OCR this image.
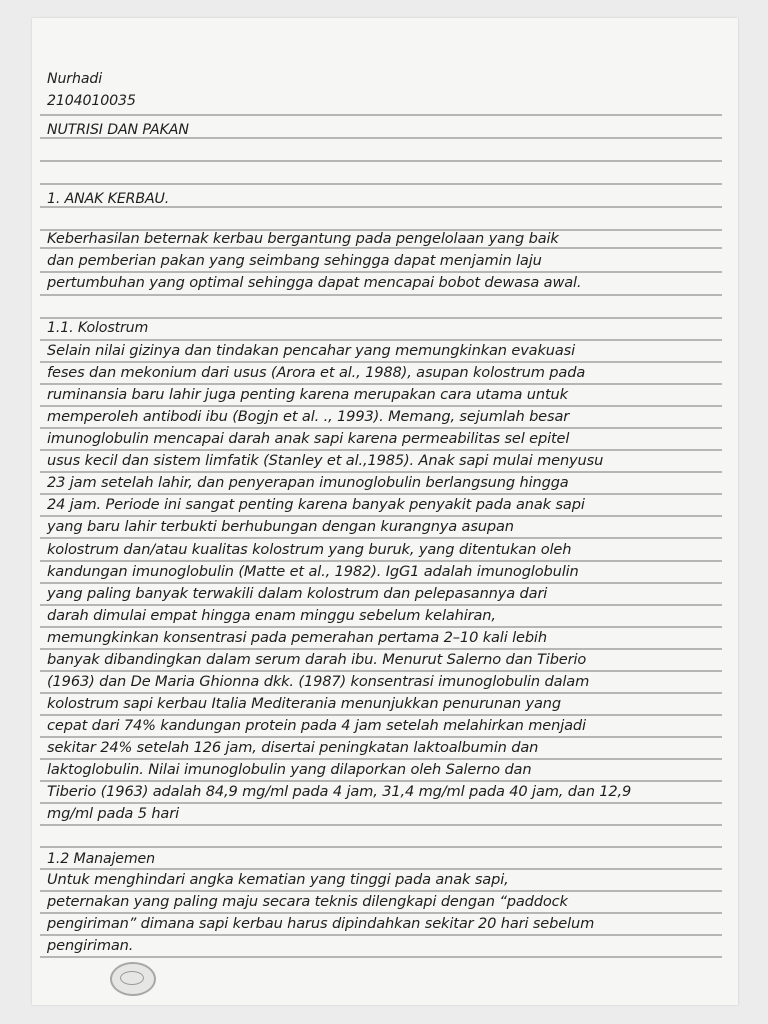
Nurhadi

2104010035

NUTRISI DAN PAKAN

1. ANAK KERBAU.

Keberhasilan beternak kerbau bergantung pada pengelolaan yang baik

dan pemberian pakan yang seimbang sehingga dapat menjamin laju

pertumbuhan yang optimal sehingga dapat mencapai bobot dewasa awal.

1.1. Kolostrum

Selain nilai gizinya dan tindakan pencahar yang memungkinkan evakuasi

feses dan mekonium dari usus (Arora et al., 1988), asupan kolostrum pada

ruminansia baru lahir juga penting karena merupakan cara utama untuk

memperoleh antibodi ibu (Bogjn et al. ., 1993). Memang, sejumlah besar

imunoglobulin mencapai darah anak sapi karena permeabilitas sel epitel

usus kecil dan sistem limfatik (Stanley et al.,1985). Anak sapi mulai menyusu

23 jam setelah lahir, dan penyerapan imunoglobulin berlangsung hingga

24 jam. Periode ini sangat penting karena banyak penyakit pada anak sapi

yang baru lahir terbukti berhubungan dengan kurangnya asupan

kolostrum dan/atau kualitas kolostrum yang buruk, yang ditentukan oleh

kandungan imunoglobulin (Matte et al., 1982). IgG1 adalah imunoglobulin

yang paling banyak terwakili dalam kolostrum dan pelepasannya dari

darah dimulai empat hingga enam minggu sebelum kelahiran,

memungkinkan konsentrasi pada pemerahan pertama 2–10 kali lebih

banyak dibandingkan dalam serum darah ibu. Menurut Salerno dan Tiberio

(1963) dan De Maria Ghionna dkk. (1987) konsentrasi imunoglobulin dalam

kolostrum sapi kerbau Italia Mediterania menunjukkan penurunan yang

cepat dari 74% kandungan protein pada 4 jam setelah melahirkan menjadi

sekitar 24% setelah 126 jam, disertai peningkatan laktoalbumin dan

laktoglobulin. Nilai imunoglobulin yang dilaporkan oleh Salerno dan

Tiberio (1963) adalah 84,9 mg/ml pada 4 jam, 31,4 mg/ml pada 40 jam, dan 12,9

mg/ml pada 5 hari

1.2 Manajemen

Untuk menghindari angka kematian yang tinggi pada anak sapi,

peternakan yang paling maju secara teknis dilengkapi dengan “paddock

pengiriman” dimana sapi kerbau harus dipindahkan sekitar 20 hari sebelum

pengiriman.
